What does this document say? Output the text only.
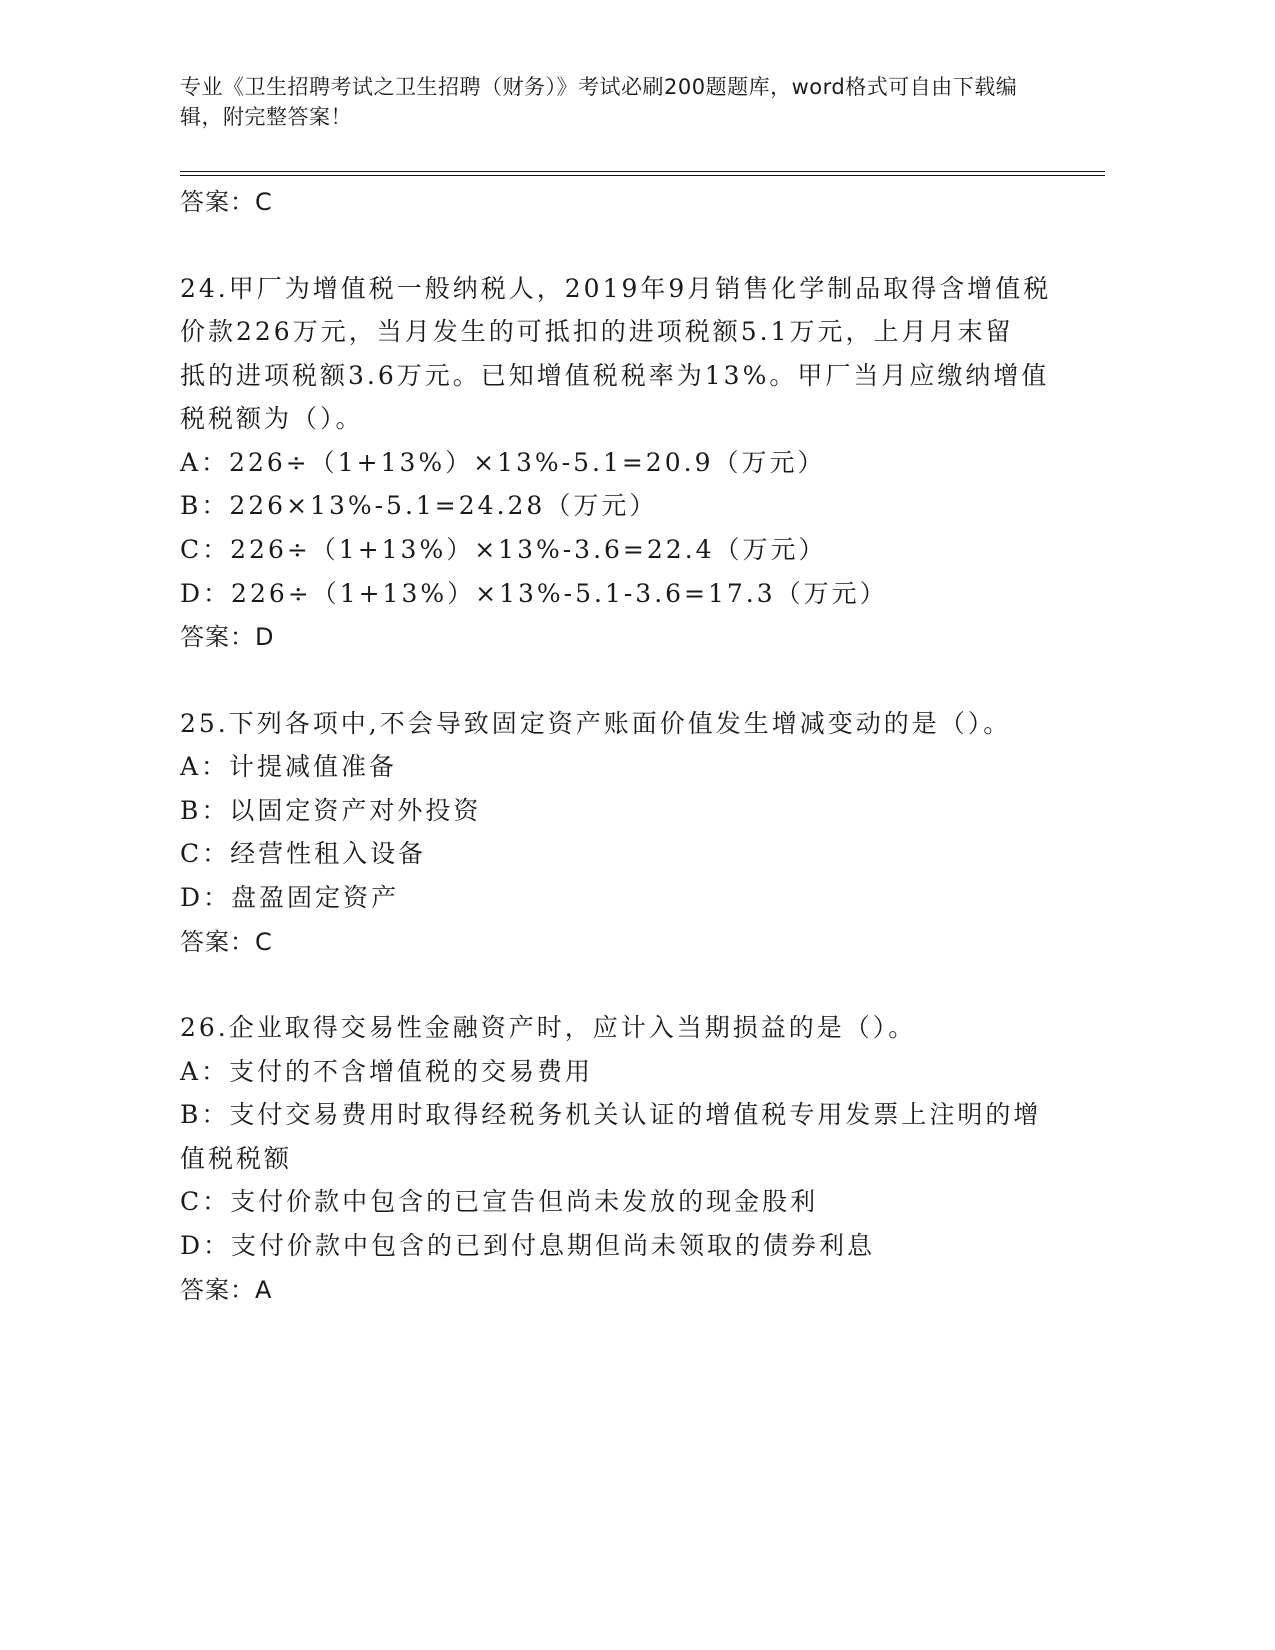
专业《卫生招聘考试之卫生招聘（财务）》考试必刷200题题库，word格式可自由下载编辑，附完整答案！
答案：C
24.甲厂为增值税一般纳税人，2019年9月销售化学制品取得含增值税
价款226万元，当月发生的可抵扣的进项税额5.1万元，上月月末留
抵的进项税额3.6万元。已知增值税税率为13%。甲厂当月应缴纳增值
税税额为（）。
A：226÷（1+13%）×13%-5.1=20.9（万元）
B：226×13%-5.1=24.28（万元）
C：226÷（1+13%）×13%-3.6=22.4（万元）
D：226÷（1+13%）×13%-5.1-3.6=17.3（万元）
答案：D
25.下列各项中,不会导致固定资产账面价值发生增减变动的是（）。
A：计提减值准备
B：以固定资产对外投资
C：经营性租入设备
D：盘盈固定资产
答案：C
26.企业取得交易性金融资产时，应计入当期损益的是（）。
A：支付的不含增值税的交易费用
B：支付交易费用时取得经税务机关认证的增值税专用发票上注明的增
值税税额
C：支付价款中包含的已宣告但尚未发放的现金股利
D：支付价款中包含的已到付息期但尚未领取的债券利息
答案：A
